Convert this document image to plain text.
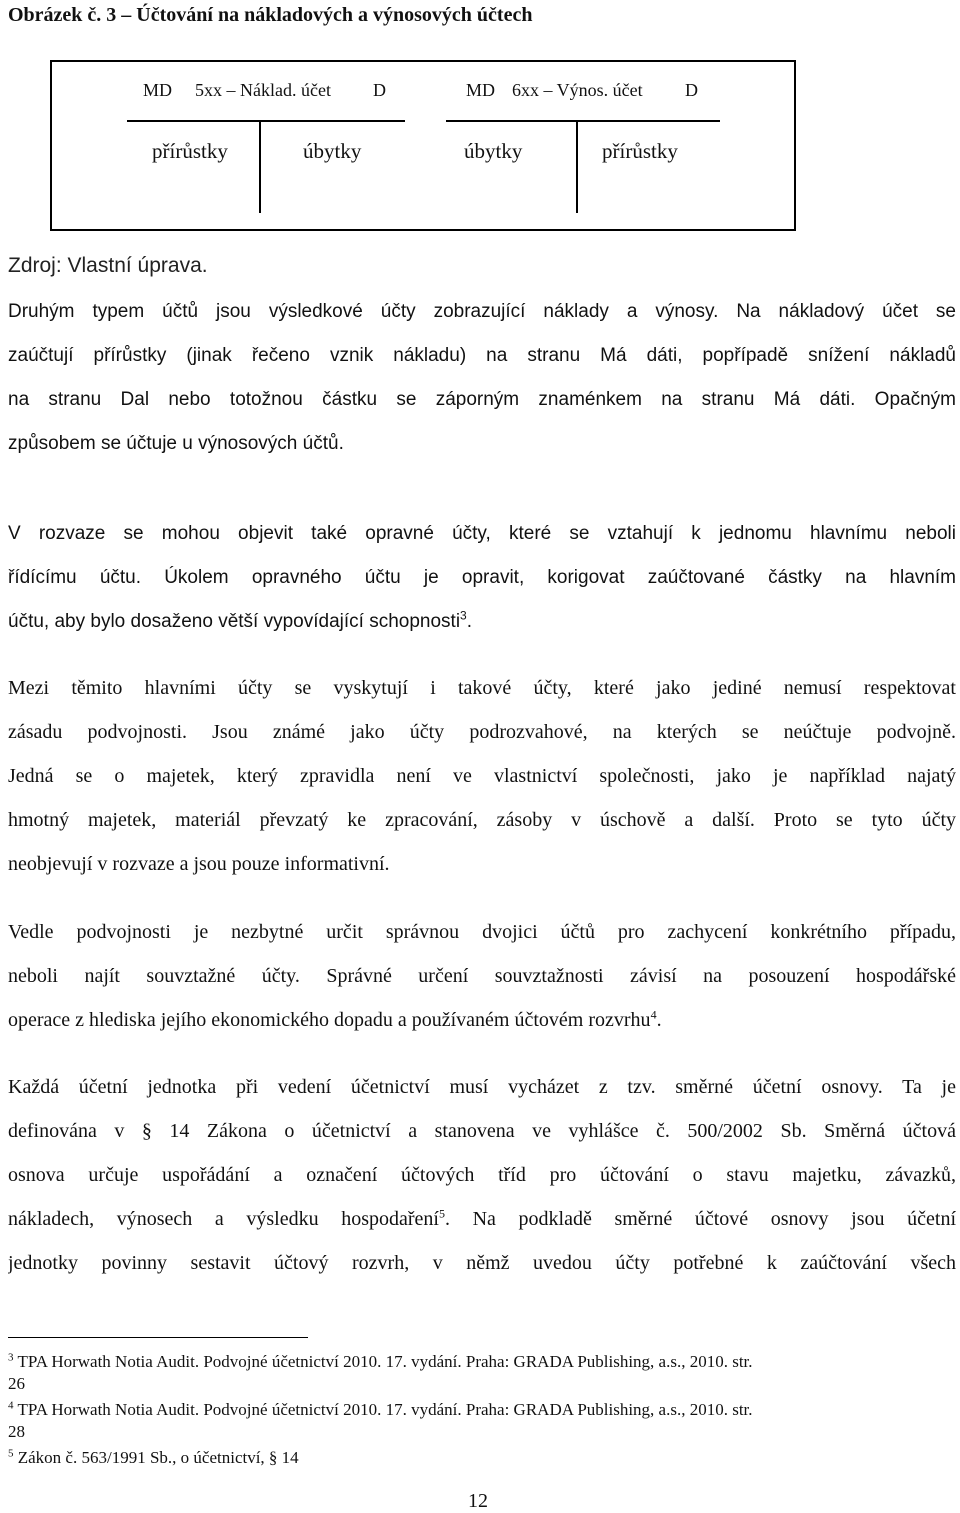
Obrázek č. 3 – Účtování na nákladových a výnosových účtech
MD 5xx – Náklad. účet D
přírůstky	úbytky
MD 6xx – Výnos. účet D
úbytky	přírůstky
Zdroj: Vlastní úprava.
Druhým typem účtů jsou výsledkové účty zobrazující náklady a výnosy. Na nákladový účet se
zaúčtují přírůstky (jinak řečeno vznik nákladu) na stranu Má dáti, popřípadě snížení nákladů
na stranu Dal nebo totožnou částku se záporným znaménkem na stranu Má dáti. Opačným
způsobem se účtuje u výnosových účtů.
V rozvaze se mohou objevit také opravné účty, které se vztahují k jednomu hlavnímu neboli
řídícímu účtu. Úkolem opravného účtu je opravit, korigovat zaúčtované částky na hlavním
účtu, aby bylo dosaženo větší vypovídající schopnosti$^3$.
Mezi těmito hlavními účty se vyskytují i takové účty, které jako jediné nemusí respektovat
zásadu podvojnosti. Jsou známé jako účty podrozvahové, na kterých se neúčtuje podvojně.
Jedná se o majetek, který zpravidla není ve vlastnictví společnosti, jako je například najatý
hmotný majetek, materiál převzatý ke zpracování, zásoby v úschově a další. Proto se tyto účty
neobjevují v rozvaze a jsou pouze informativní.
Vedle podvojnosti je nezbytné určit správnou dvojici účtů pro zachycení konkrétního případu,
neboli najít souvztažné účty. Správné určení souvztažnosti závisí na posouzení hospodářské
operace z hlediska jejího ekonomického dopadu a používaném účtovém rozvrhu$^4$.
Každá účetní jednotka při vedení účetnictví musí vycházet z tzv. směrné účetní osnovy. Ta je
definována v § 14 Zákona o účetnictví a stanovena ve vyhlášce č. 500/2002 Sb. Směrná účtová
osnova určuje uspořádání a označení účtových tříd pro účtování o stavu majetku, závazků,
nákladech, výnosech a výsledku hospodaření$^5$. Na podkladě směrné účtové osnovy jsou účetní
jednotky povinny sestavit účtový rozvrh, v němž uvedou účty potřebné k zaúčtování všech
$^3$ TPA Horwath Notia Audit. Podvojné účetnictví 2010. 17. vydání. Praha: GRADA Publishing, a.s., 2010. str.
26
$^4$ TPA Horwath Notia Audit. Podvojné účetnictví 2010. 17. vydání. Praha: GRADA Publishing, a.s., 2010. str.
28
$^5$ Zákon č. 563/1991 Sb., o účetnictví, § 14
12
